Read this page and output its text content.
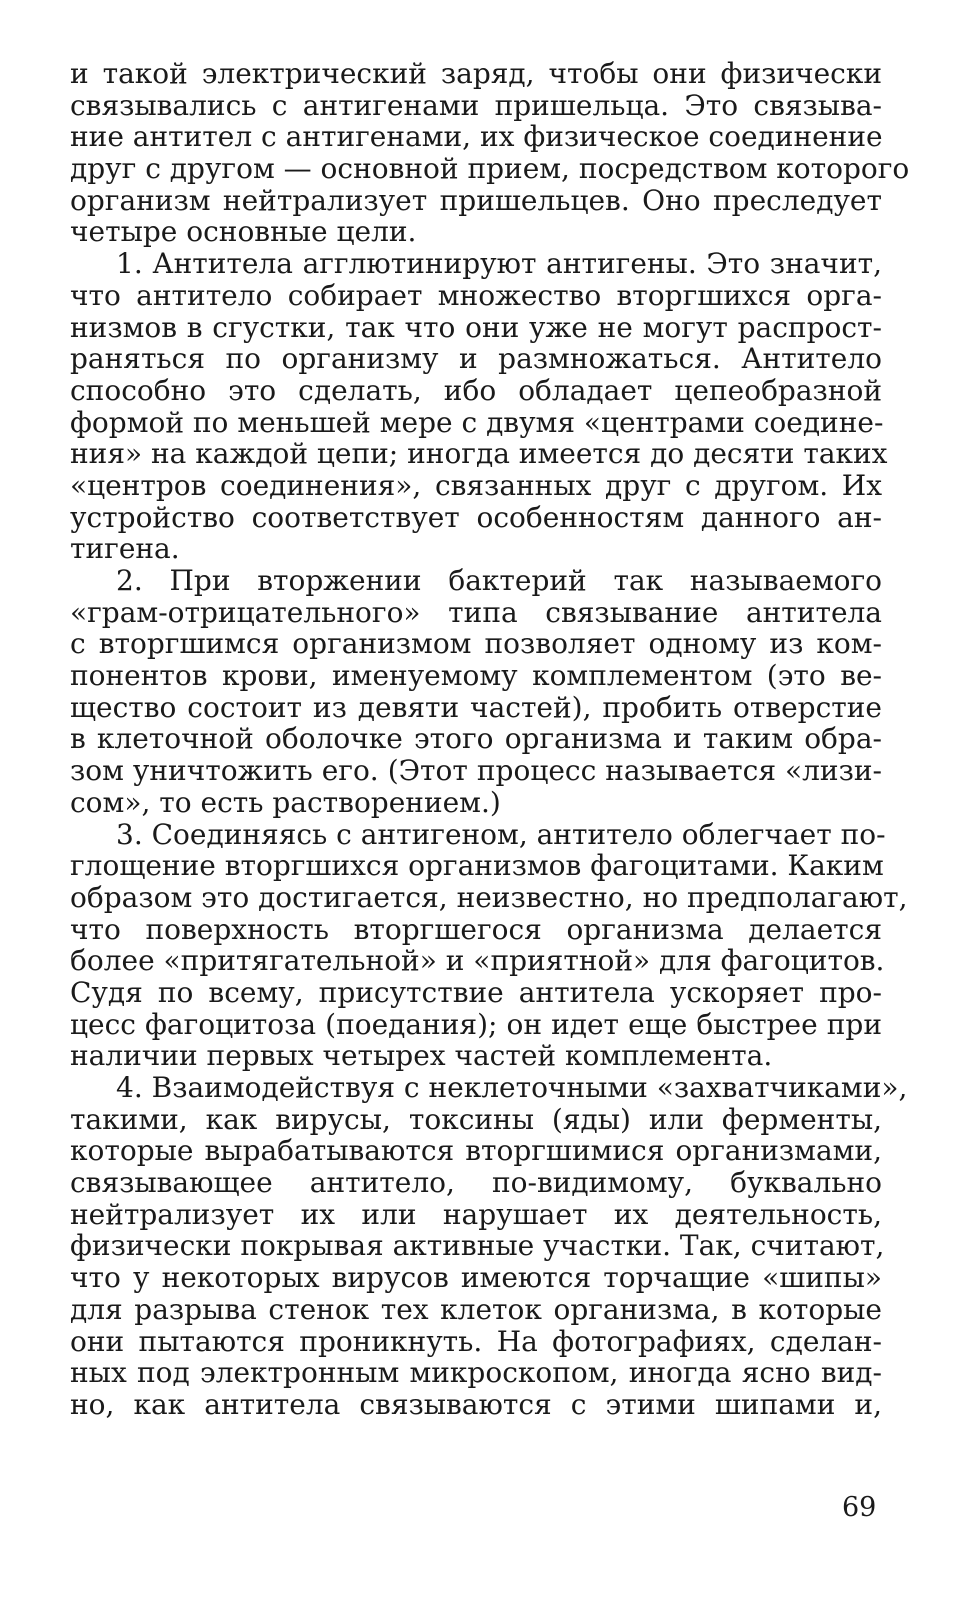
и такой электрический заряд, чтобы они физически
связывались с антигенами пришельца. Это связыва-
ние антител с антигенами, их физическое соединение
друг с другом — основной прием, посредством которого
организм нейтрализует пришельцев. Оно преследует
четыре основные цели.
1. Антитела агглютинируют антигены. Это значит,
что антитело собирает множество вторгшихся орга-
низмов в сгустки, так что они уже не могут распрост-
раняться по организму и размножаться. Антитело
способно это сделать, ибо обладает цепеобразной
формой по меньшей мере с двумя «центрами соедине-
ния» на каждой цепи; иногда имеется до десяти таких
«центров соединения», связанных друг с другом. Их
устройство соответствует особенностям данного ан-
тигена.
2. При вторжении бактерий так называемого
«грам-отрицательного» типа связывание антитела
с вторгшимся организмом позволяет одному из ком-
понентов крови, именуемому комплементом (это ве-
щество состоит из девяти частей), пробить отверстие
в клеточной оболочке этого организма и таким обра-
зом уничтожить его. (Этот процесс называется «лизи-
сом», то есть растворением.)
3. Соединяясь с антигеном, антитело облегчает по-
глощение вторгшихся организмов фагоцитами. Каким
образом это достигается, неизвестно, но предполагают,
что поверхность вторгшегося организма делается
более «притягательной» и «приятной» для фагоцитов.
Судя по всему, присутствие антитела ускоряет про-
цесс фагоцитоза (поедания); он идет еще быстрее при
наличии первых четырех частей комплемента.
4. Взаимодействуя с неклеточными «захватчиками»,
такими, как вирусы, токсины (яды) или ферменты,
которые вырабатываются вторгшимися организмами,
связывающее антитело, по-видимому, буквально
нейтрализует их или нарушает их деятельность,
физически покрывая активные участки. Так, считают,
что у некоторых вирусов имеются торчащие «шипы»
для разрыва стенок тех клеток организма, в которые
они пытаются проникнуть. На фотографиях, сделан-
ных под электронным микроскопом, иногда ясно вид-
но, как антитела связываются с этими шипами и,
69
